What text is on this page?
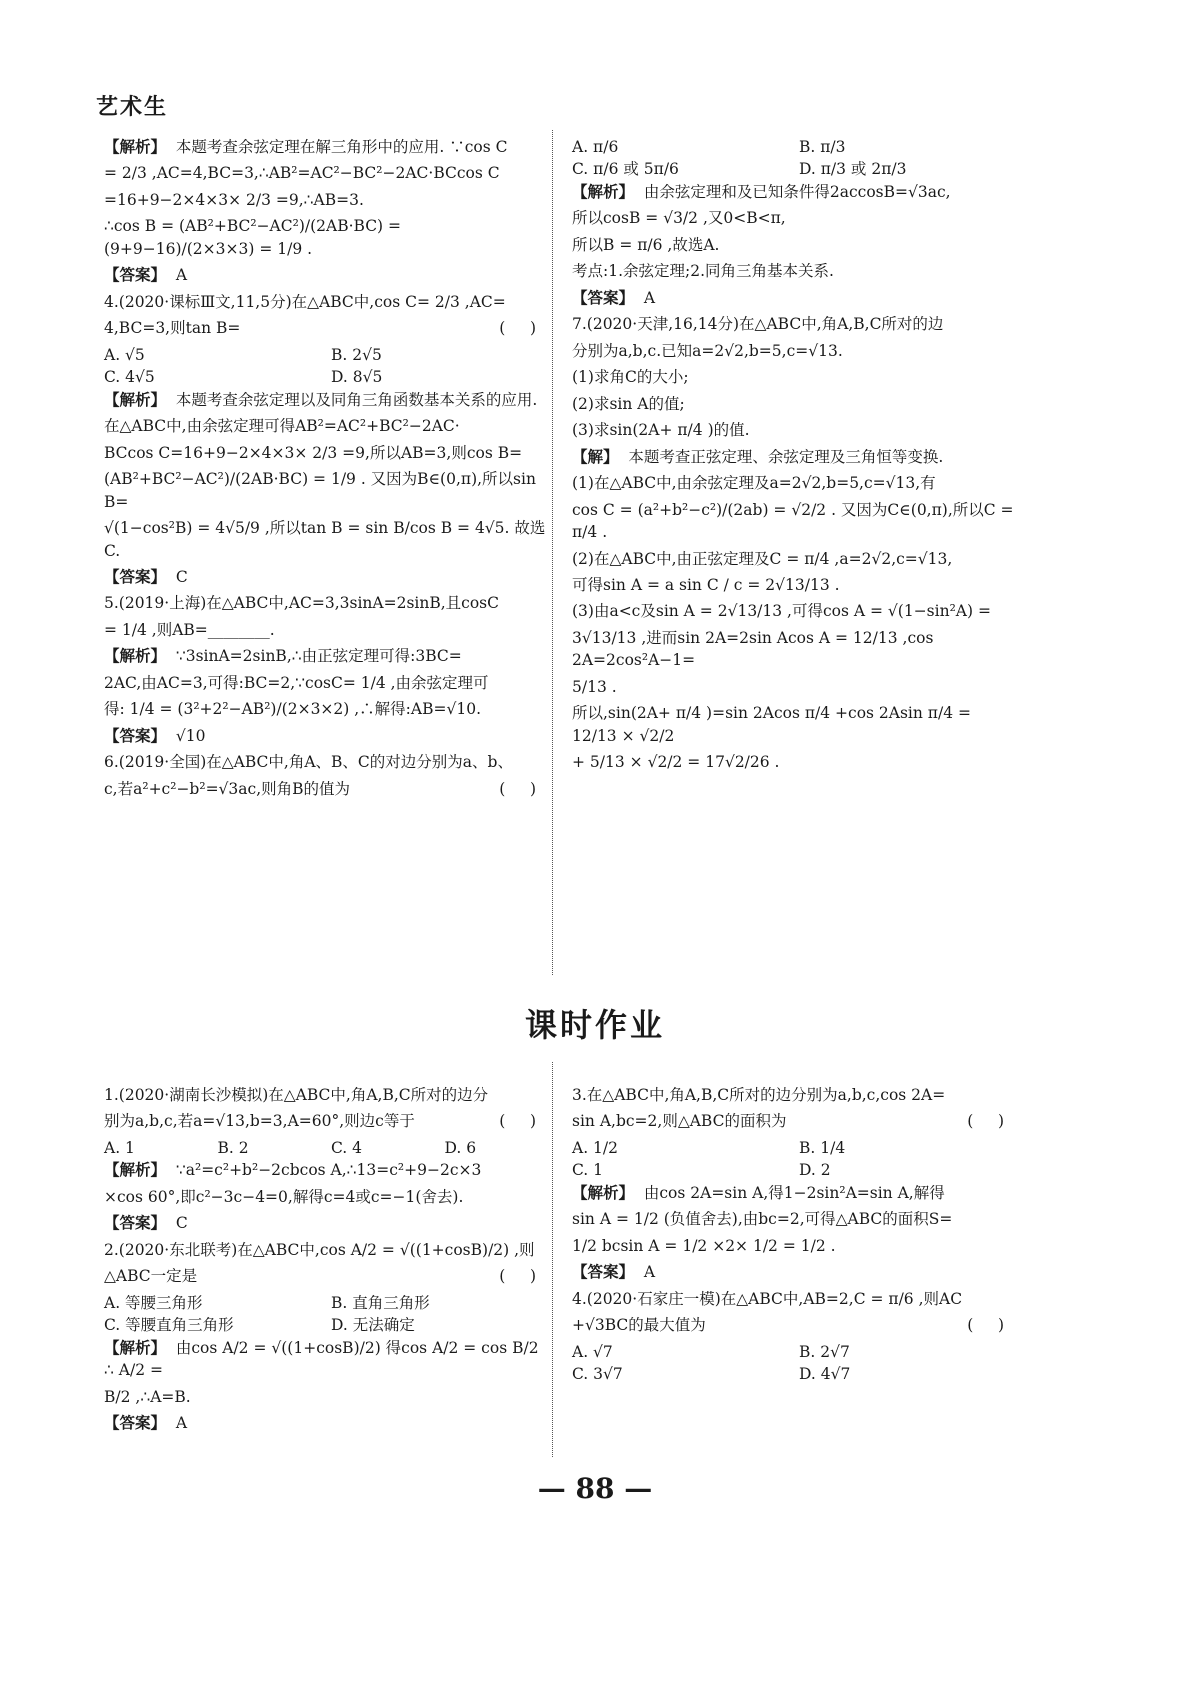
艺术生

【解析】 本题考查余弦定理在解三角形中的应用. ∵cos C

= 2/3 ,AC=4,BC=3,∴AB²=AC²−BC²−2AC·BCcos C

=16+9−2×4×3× 2/3 =9,∴AB=3.

∴cos B = (AB²+BC²−AC²)/(2AB·BC) = (9+9−16)/(2×3×3) = 1/9 .

【答案】 A

4.(2020·课标Ⅲ文,11,5分)在△ABC中,cos C= 2/3 ,AC=

(     )
4,BC=3,则tan B=

A. √5	B. 2√5
C. 4√5	D. 8√5

【解析】 本题考查余弦定理以及同角三角函数基本关系的应用.

在△ABC中,由余弦定理可得AB²=AC²+BC²−2AC·

BCcos C=16+9−2×4×3× 2/3 =9,所以AB=3,则cos B=

(AB²+BC²−AC²)/(2AB·BC) = 1/9 . 又因为B∈(0,π),所以sin B=

√(1−cos²B) = 4√5/9 ,所以tan B = sin B/cos B = 4√5. 故选C.

【答案】 C

5.(2019·上海)在△ABC中,AC=3,3sinA=2sinB,且cosC

= 1/4 ,则AB=________.

【解析】 ∵3sinA=2sinB,∴由正弦定理可得:3BC=

2AC,由AC=3,可得:BC=2,∵cosC= 1/4 ,由余弦定理可

得: 1/4 = (3²+2²−AB²)/(2×3×2) ,∴解得:AB=√10.

【答案】 √10

6.(2019·全国)在△ABC中,角A、B、C的对边分别为a、b、

(     )
c,若a²+c²−b²=√3ac,则角B的值为

A. π/6	B. π/3
C. π/6 或 5π/6	D. π/3 或 2π/3

【解析】 由余弦定理和及已知条件得2accosB=√3ac,

所以cosB = √3/2 ,又0<B<π,

所以B = π/6 ,故选A.

考点:1.余弦定理;2.同角三角基本关系.

【答案】 A

7.(2020·天津,16,14分)在△ABC中,角A,B,C所对的边

分别为a,b,c.已知a=2√2,b=5,c=√13.

(1)求角C的大小;

(2)求sin A的值;

(3)求sin(2A+ π/4 )的值.

【解】 本题考查正弦定理、余弦定理及三角恒等变换.

(1)在△ABC中,由余弦定理及a=2√2,b=5,c=√13,有

cos C = (a²+b²−c²)/(2ab) = √2/2 . 又因为C∈(0,π),所以C = π/4 .

(2)在△ABC中,由正弦定理及C = π/4 ,a=2√2,c=√13,

可得sin A = a sin C / c = 2√13/13 .

(3)由a<c及sin A = 2√13/13 ,可得cos A = √(1−sin²A) =

3√13/13 ,进而sin 2A=2sin Acos A = 12/13 ,cos 2A=2cos²A−1=

5/13 .

所以,sin(2A+ π/4 )=sin 2Acos π/4 +cos 2Asin π/4 = 12/13 × √2/2

+ 5/13 × √2/2 = 17√2/26 .

课时作业

1.(2020·湖南长沙模拟)在△ABC中,角A,B,C所对的边分

(     )
别为a,b,c,若a=√13,b=3,A=60°,则边c等于

A. 1	B. 2	C. 4	D. 6

【解析】 ∵a²=c²+b²−2cbcos A,∴13=c²+9−2c×3

×cos 60°,即c²−3c−4=0,解得c=4或c=−1(舍去).

【答案】 C

2.(2020·东北联考)在△ABC中,cos A/2 = √((1+cosB)/2) ,则

(     )
△ABC一定是

A. 等腰三角形	B. 直角三角形
C. 等腰直角三角形	D. 无法确定

【解析】 由cos A/2 = √((1+cosB)/2) 得cos A/2 = cos B/2 ∴ A/2 =

B/2 ,∴A=B.

【答案】 A

3.在△ABC中,角A,B,C所对的边分别为a,b,c,cos 2A=

(     )
sin A,bc=2,则△ABC的面积为

A. 1/2	B. 1/4
C. 1	D. 2

【解析】 由cos 2A=sin A,得1−2sin²A=sin A,解得

sin A = 1/2 (负值舍去),由bc=2,可得△ABC的面积S=

1/2 bcsin A = 1/2 ×2× 1/2 = 1/2 .

【答案】 A

4.(2020·石家庄一模)在△ABC中,AB=2,C = π/6 ,则AC

(     )
+√3BC的最大值为

A. √7	B. 2√7
C. 3√7	D. 4√7
— 88 —
